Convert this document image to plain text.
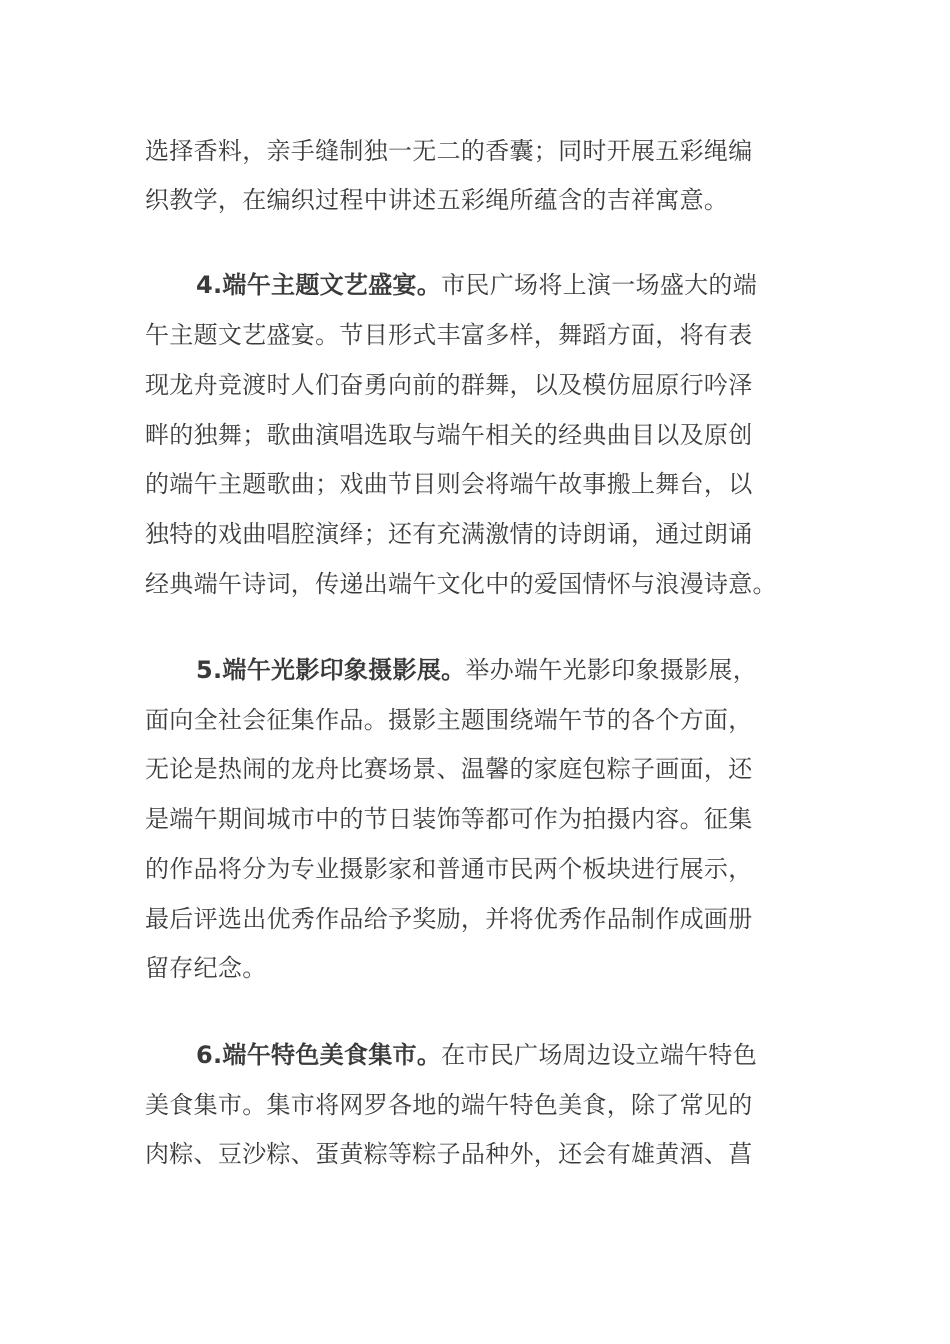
选择香料，亲手缝制独一无二的香囊；同时开展五彩绳编
织教学，在编织过程中讲述五彩绳所蕴含的吉祥寓意。
4.端午主题文艺盛宴。市民广场将上演一场盛大的端
午主题文艺盛宴。节目形式丰富多样，舞蹈方面，将有表
现龙舟竞渡时人们奋勇向前的群舞，以及模仿屈原行吟泽
畔的独舞；歌曲演唱选取与端午相关的经典曲目以及原创
的端午主题歌曲；戏曲节目则会将端午故事搬上舞台，以
独特的戏曲唱腔演绎；还有充满激情的诗朗诵，通过朗诵
经典端午诗词，传递出端午文化中的爱国情怀与浪漫诗意。
5.端午光影印象摄影展。举办端午光影印象摄影展，
面向全社会征集作品。摄影主题围绕端午节的各个方面，
无论是热闹的龙舟比赛场景、温馨的家庭包粽子画面，还
是端午期间城市中的节日装饰等都可作为拍摄内容。征集
的作品将分为专业摄影家和普通市民两个板块进行展示，
最后评选出优秀作品给予奖励，并将优秀作品制作成画册
留存纪念。
6.端午特色美食集市。在市民广场周边设立端午特色
美食集市。集市将网罗各地的端午特色美食，除了常见的
肉粽、豆沙粽、蛋黄粽等粽子品种外，还会有雄黄酒、菖
